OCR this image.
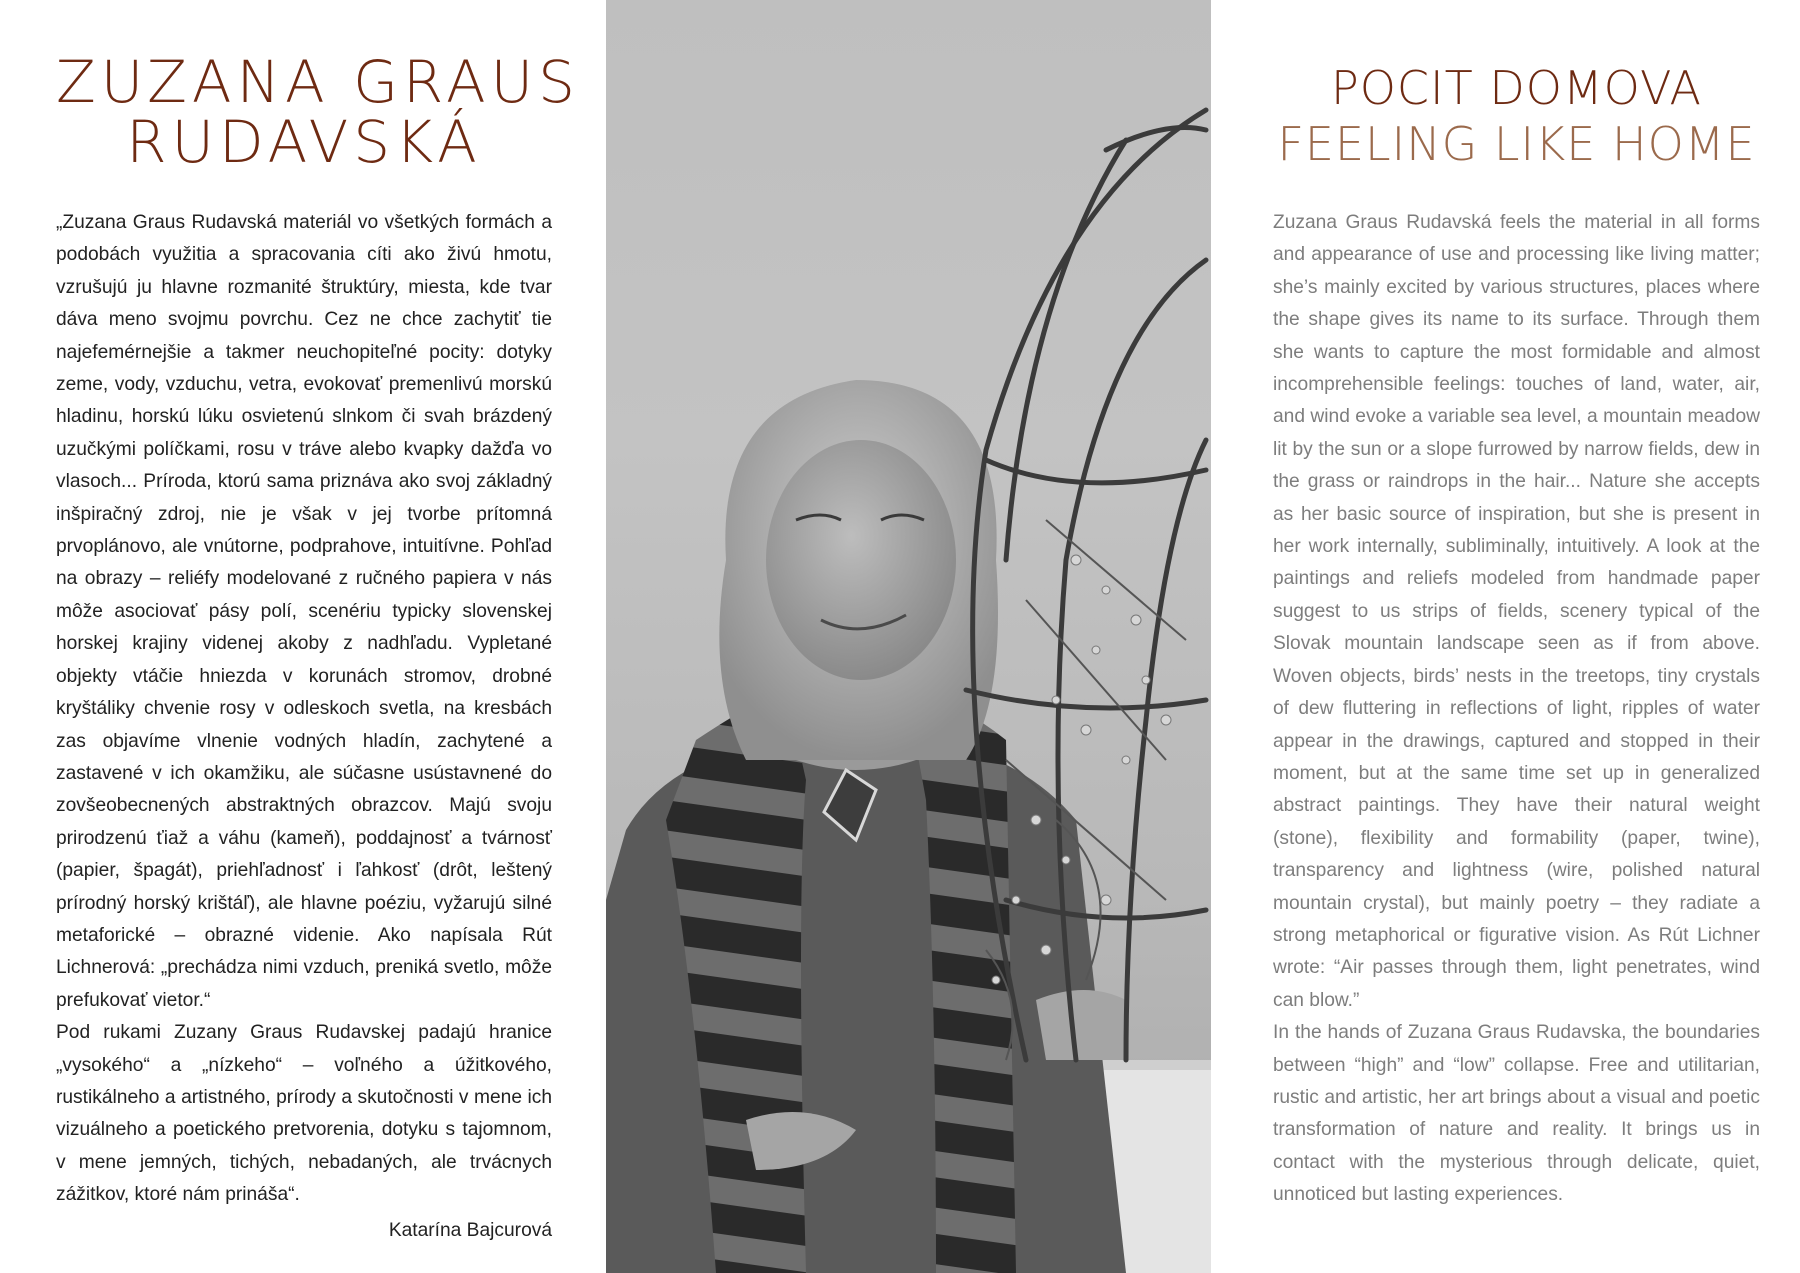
ZUZANA GRAUS
RUDAVSKÁ

„Zuzana Graus Rudavská materiál vo všetkých formách a podobách využitia a spracovania cíti ako živú hmotu, vzrušujú ju hlavne rozmanité štruktúry, miesta, kde tvar dáva meno svojmu povrchu. Cez ne chce zachytiť tie najefemérnejšie a takmer neuchopiteľné pocity: dotyky zeme, vody, vzduchu, vetra, evokovať premenlivú morskú hladinu, horskú lúku osvietenú slnkom či svah brázdený uzučkými políčkami, rosu v tráve alebo kvapky dažďa vo vlasoch... Príroda, ktorú sama priznáva ako svoj základný inšpiračný zdroj, nie je však v jej tvorbe prítomná prvoplánovo, ale vnútorne, podprahove, intuitívne. Pohľad na obrazy – reliéfy modelované z ručného papiera v nás môže asociovať pásy polí, scenériu typicky slovenskej horskej krajiny videnej akoby z nadhľadu. Vypletané objekty vtáčie hniezda v korunách stromov, drobné kryštáliky chvenie rosy v odleskoch svetla, na kresbách zas objavíme vlnenie vodných hladín, zachytené a zastavené v ich okamžiku, ale súčasne usústavnené do zovšeobecnených abstraktných obrazcov. Majú svoju prirodzenú ťiaž a váhu (kameň), poddajnosť a tvárnosť (papier, špagát), priehľadnosť i ľahkosť (drôt, leštený prírodný horský krištáľ), ale hlavne poéziu, vyžarujú silné metaforické – obrazné videnie. Ako napísala Rút Lichnerová: „prechádza nimi vzduch, preniká svetlo, môže prefukovať vietor.“

Pod rukami Zuzany Graus Rudavskej padajú hranice „vysokého“ a „nízkeho“ – voľného a úžitkového, rustikálneho a artistného, prírody a skutočnosti v mene ich vizuálneho a poetického pretvorenia, dotyku s tajomnom, v mene jemných, tichých, nebadaných, ale trvácnych zážitkov, ktoré nám prináša“.

Katarína Bajcurová

POCIT DOMOVA
FEELING LIKE HOME

Zuzana Graus Rudavská feels the material in all forms and appearance of use and processing like living matter; she’s mainly excited by various structures, places where the shape gives its name to its surface. Through them she wants to capture the most formidable and almost incomprehensible feelings: touches of land, water, air, and wind evoke a variable sea level, a mountain meadow lit by the sun or a slope furrowed by narrow fields, dew in the grass or raindrops in the hair... Nature she accepts as her basic source of inspiration, but she is present in her work internally, subliminally, intuitively. A look at the paintings and reliefs modeled from handmade paper suggest to us strips of fields, scenery typical of the Slovak mountain landscape seen as if from above. Woven objects, birds’ nests in the treetops, tiny crystals of dew fluttering in reflections of light, ripples of water appear in the drawings, captured and stopped in their moment, but at the same time set up in generalized abstract paintings. They have their natural weight (stone), flexibility and formability (paper, twine), transparency and lightness (wire, polished natural mountain crystal), but mainly poetry – they radiate a strong metaphorical or figurative vision. As Rút Lichner wrote: “Air passes through them, light penetrates, wind can blow.”

In the hands of Zuzana Graus Rudavska, the boundaries between “high” and “low” collapse. Free and utilitarian, rustic and artistic, her art brings about a visual and poetic transformation of nature and reality. It brings us in contact with the mysterious through delicate, quiet, unnoticed but lasting experiences.
